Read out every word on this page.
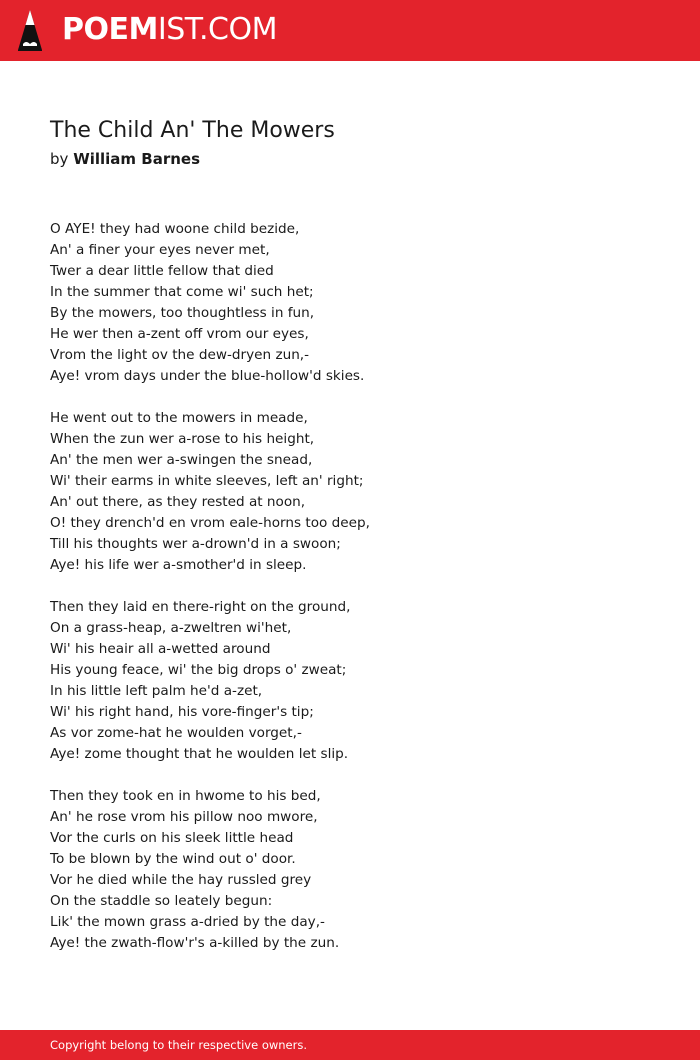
POEMIST.COM
The Child An' The Mowers
by William Barnes
O AYE! they had woone child bezide,
An' a finer your eyes never met,
Twer a dear little fellow that died
In the summer that come wi' such het;
By the mowers, too thoughtless in fun,
He wer then a-zent off vrom our eyes,
Vrom the light ov the dew-dryen zun,-
Aye! vrom days under the blue-hollow'd skies.
He went out to the mowers in meade,
When the zun wer a-rose to his height,
An' the men wer a-swingen the snead,
Wi' their earms in white sleeves, left an' right;
An' out there, as they rested at noon,
O! they drench'd en vrom eale-horns too deep,
Till his thoughts wer a-drown'd in a swoon;
Aye! his life wer a-smother'd in sleep.
Then they laid en there-right on the ground,
On a grass-heap, a-zweltren wi'het,
Wi' his heair all a-wetted around
His young feace, wi' the big drops o' zweat;
In his little left palm he'd a-zet,
Wi' his right hand, his vore-finger's tip;
As vor zome-hat he woulden vorget,-
Aye! zome thought that he woulden let slip.
Then they took en in hwome to his bed,
An' he rose vrom his pillow noo mwore,
Vor the curls on his sleek little head
To be blown by the wind out o' door.
Vor he died while the hay russled grey
On the staddle so leately begun:
Lik' the mown grass a-dried by the day,-
Aye! the zwath-flow'r's a-killed by the zun.
Copyright belong to their respective owners.
